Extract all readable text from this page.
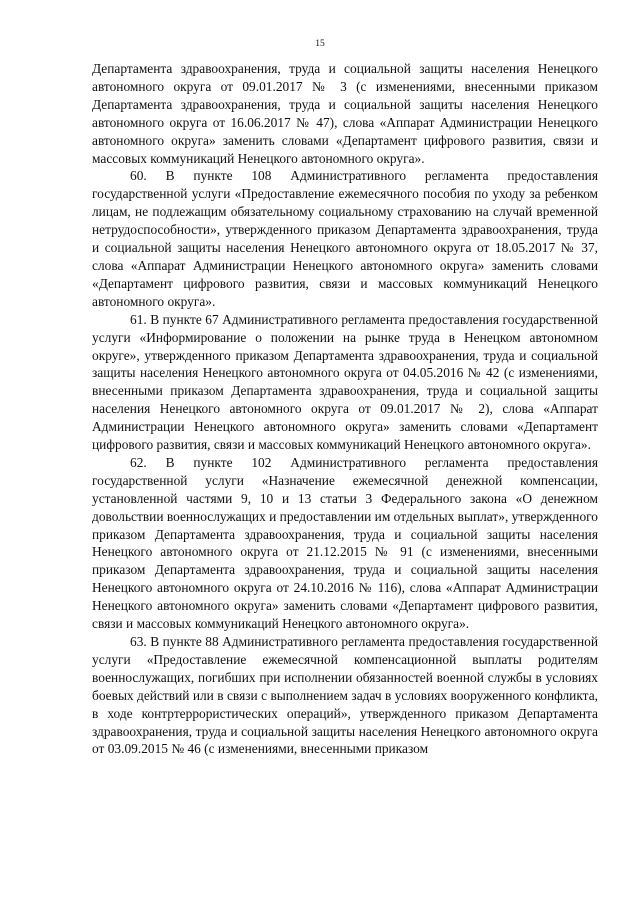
15

Департамента здравоохранения, труда и социальной защиты населения Ненецкого автономного округа от 09.01.2017 № 3 (с изменениями, внесенными приказом Департамента здравоохранения, труда и социальной защиты населения Ненецкого автономного округа от 16.06.2017 № 47), слова «Аппарат Администрации Ненецкого автономного округа» заменить словами «Департамент цифрового развития, связи и массовых коммуникаций Ненецкого автономного округа».

60. В пункте 108 Административного регламента предоставления государственной услуги «Предоставление ежемесячного пособия по уходу за ребенком лицам, не подлежащим обязательному социальному страхованию на случай временной нетрудоспособности», утвержденного приказом Департамента здравоохранения, труда и социальной защиты населения Ненецкого автономного округа от 18.05.2017 № 37, слова «Аппарат Администрации Ненецкого автономного округа» заменить словами «Департамент цифрового развития, связи и массовых коммуникаций Ненецкого автономного округа».

61. В пункте 67 Административного регламента предоставления государственной услуги «Информирование о положении на рынке труда в Ненецком автономном округе», утвержденного приказом Департамента здравоохранения, труда и социальной защиты населения Ненецкого автономного округа от 04.05.2016 № 42 (с изменениями, внесенными приказом Департамента здравоохранения, труда и социальной защиты населения Ненецкого автономного округа от 09.01.2017 № 2), слова «Аппарат Администрации Ненецкого автономного округа» заменить словами «Департамент цифрового развития, связи и массовых коммуникаций Ненецкого автономного округа».

62. В пункте 102 Административного регламента предоставления государственной услуги «Назначение ежемесячной денежной компенсации, установленной частями 9, 10 и 13 статьи 3 Федерального закона «О денежном довольствии военнослужащих и предоставлении им отдельных выплат», утвержденного приказом Департамента здравоохранения, труда и социальной защиты населения Ненецкого автономного округа от 21.12.2015 № 91 (с изменениями, внесенными приказом Департамента здравоохранения, труда и социальной защиты населения Ненецкого автономного округа от 24.10.2016 № 116), слова «Аппарат Администрации Ненецкого автономного округа» заменить словами «Департамент цифрового развития, связи и массовых коммуникаций Ненецкого автономного округа».

63. В пункте 88 Административного регламента предоставления государственной услуги «Предоставление ежемесячной компенсационной выплаты родителям военнослужащих, погибших при исполнении обязанностей военной службы в условиях боевых действий или в связи с выполнением задач в условиях вооруженного конфликта, в ходе контртеррористических операций», утвержденного приказом Департамента здравоохранения, труда и социальной защиты населения Ненецкого автономного округа от 03.09.2015 № 46 (с изменениями, внесенными приказом
